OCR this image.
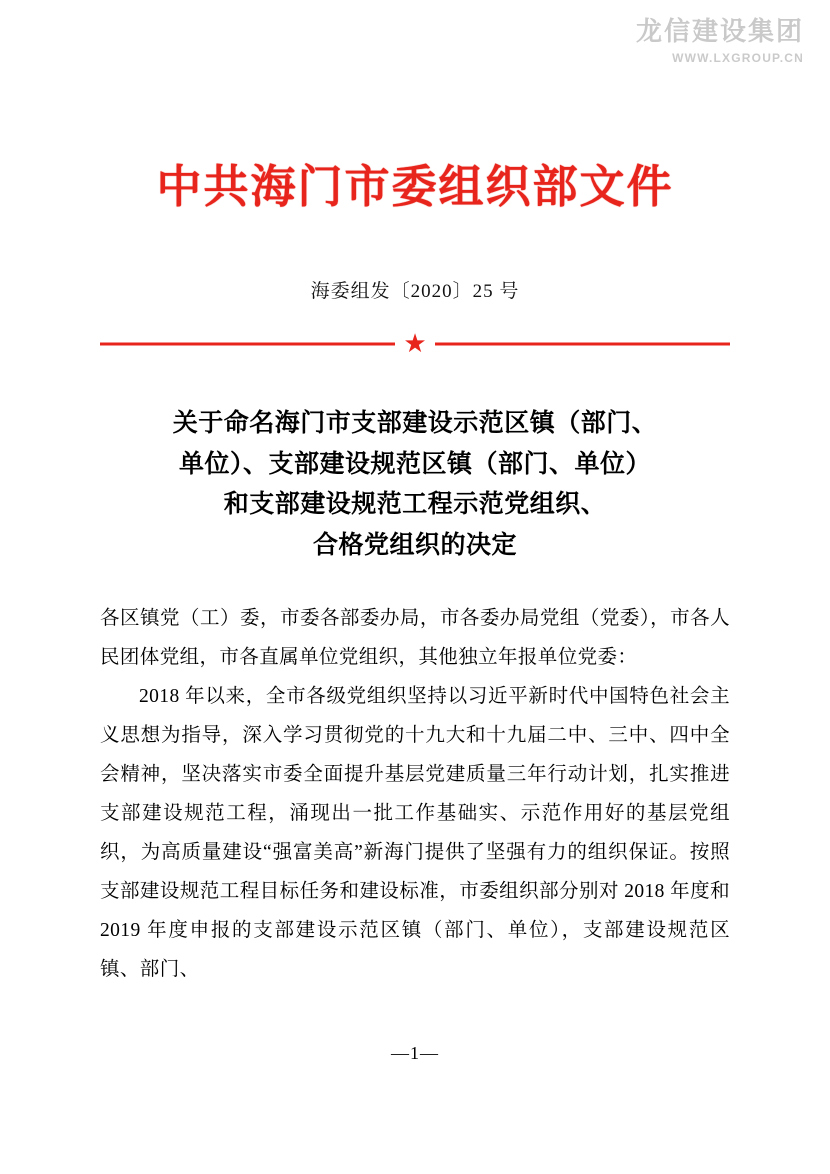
龙信建设集团
WWW.LXGROUP.CN
中共海门市委组织部文件
海委组发〔2020〕25 号
★
关于命名海门市支部建设示范区镇（部门、
单位）、支部建设规范区镇（部门、单位）
和支部建设规范工程示范党组织、
合格党组织的决定

各区镇党（工）委，市委各部委办局，市各委办局党组（党委），市各人民团体党组，市各直属单位党组织，其他独立年报单位党委：

2018 年以来，全市各级党组织坚持以习近平新时代中国特色社会主义思想为指导，深入学习贯彻党的十九大和十九届二中、三中、四中全会精神，坚决落实市委全面提升基层党建质量三年行动计划，扎实推进支部建设规范工程，涌现出一批工作基础实、示范作用好的基层党组织，为高质量建设“强富美高”新海门提供了坚强有力的组织保证。按照支部建设规范工程目标任务和建设标准，市委组织部分别对 2018 年度和 2019 年度申报的支部建设示范区镇（部门、单位），支部建设规范区镇、部门、

—1—
